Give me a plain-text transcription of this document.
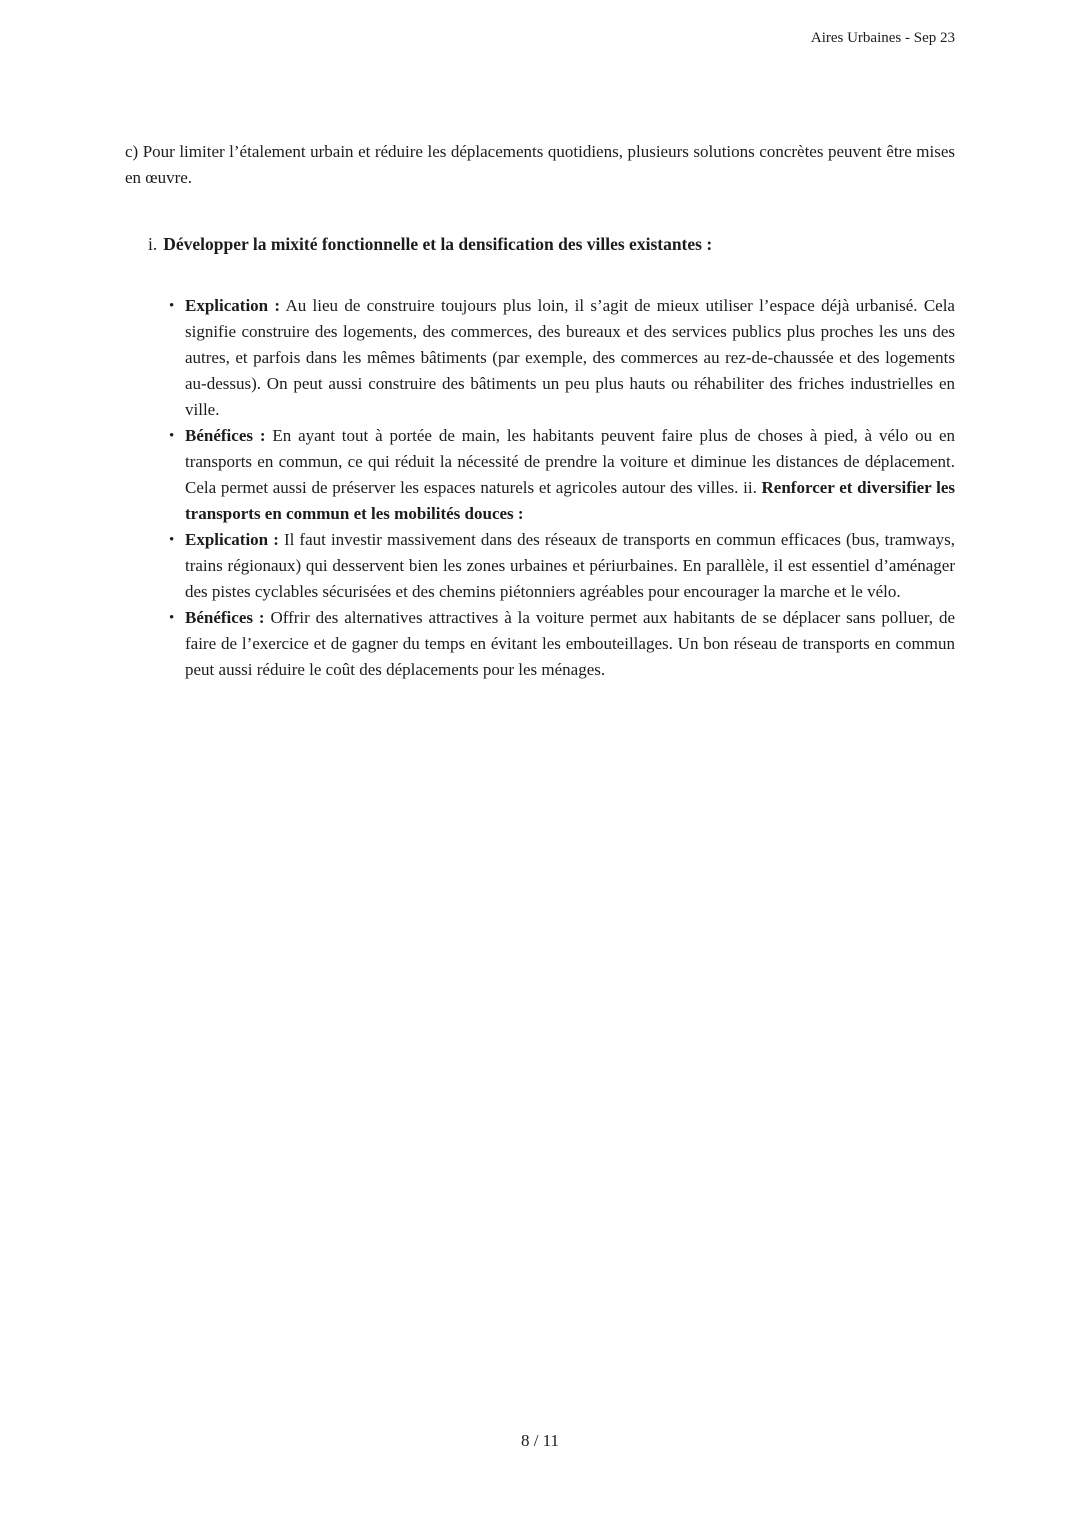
Aires Urbaines - Sep 23

c) Pour limiter l’étalement urbain et réduire les déplacements quotidiens, plusieurs solutions concrètes peuvent être mises en œuvre.

i. Développer la mixité fonctionnelle et la densification des villes existantes :

• Explication : Au lieu de construire toujours plus loin, il s’agit de mieux utiliser l’espace déjà urbanisé. Cela signifie construire des logements, des commerces, des bureaux et des services publics plus proches les uns des autres, et parfois dans les mêmes bâtiments (par exemple, des commerces au rez-de-chaussée et des logements au-dessus). On peut aussi construire des bâtiments un peu plus hauts ou réhabiliter des friches industrielles en ville.
• Bénéfices : En ayant tout à portée de main, les habitants peuvent faire plus de choses à pied, à vélo ou en transports en commun, ce qui réduit la nécessité de prendre la voiture et diminue les distances de déplacement. Cela permet aussi de préserver les espaces naturels et agricoles autour des villes. ii. Renforcer et diversifier les transports en commun et les mobilités douces :
• Explication : Il faut investir massivement dans des réseaux de transports en commun efficaces (bus, tramways, trains régionaux) qui desservent bien les zones urbaines et périurbaines. En parallèle, il est essentiel d’aménager des pistes cyclables sécurisées et des chemins piétonniers agréables pour encourager la marche et le vélo.
• Bénéfices : Offrir des alternatives attractives à la voiture permet aux habitants de se déplacer sans polluer, de faire de l’exercice et de gagner du temps en évitant les embouteillages. Un bon réseau de transports en commun peut aussi réduire le coût des déplacements pour les ménages.
8 / 11
